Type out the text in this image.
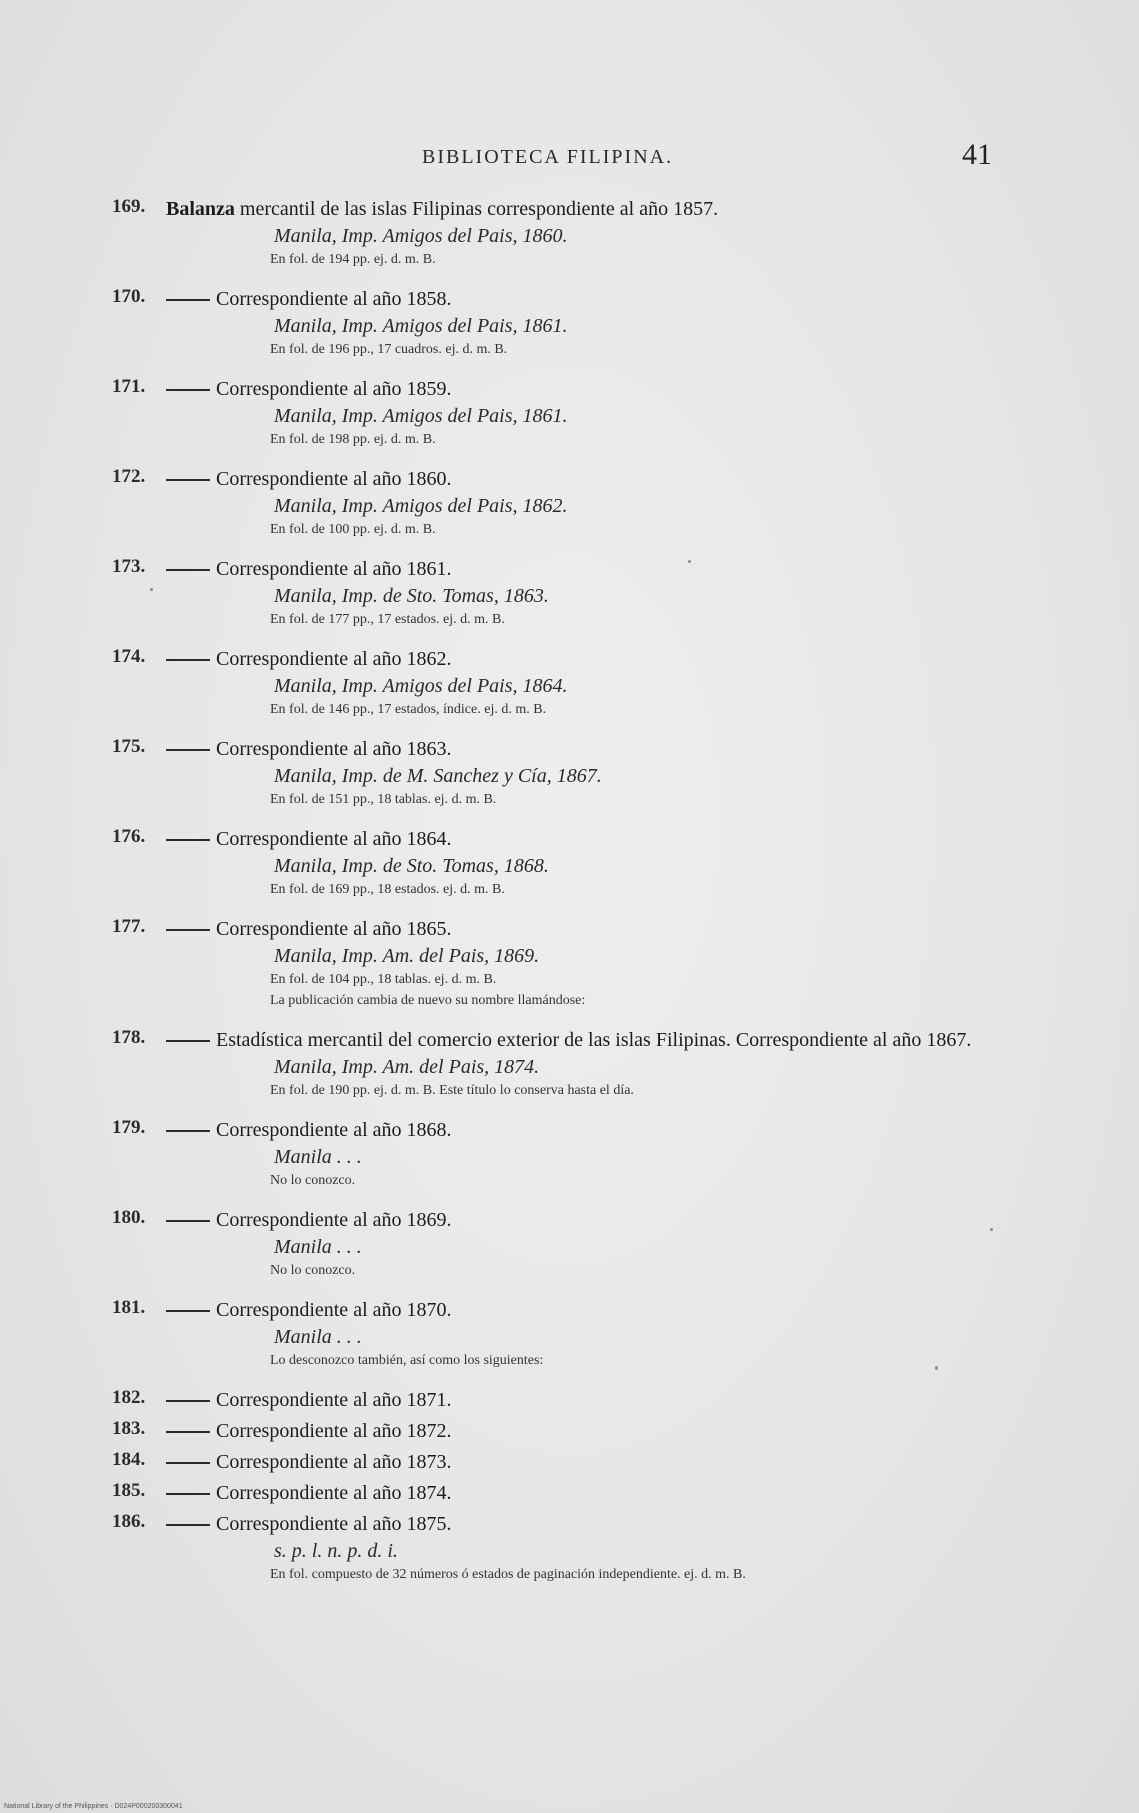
BIBLIOTECA FILIPINA.	41
169.	Balanza mercantil de las islas Filipinas correspondiente al año 1857.
Manila, Imp. Amigos del Pais, 1860.
En fol. de 194 pp. ej. d. m. B.
170.	Correspondiente al año 1858.
Manila, Imp. Amigos del Pais, 1861.
En fol. de 196 pp., 17 cuadros. ej. d. m. B.
171.	Correspondiente al año 1859.
Manila, Imp. Amigos del Pais, 1861.
En fol. de 198 pp. ej. d. m. B.
172.	Correspondiente al año 1860.
Manila, Imp. Amigos del Pais, 1862.
En fol. de 100 pp. ej. d. m. B.
173.	Correspondiente al año 1861.
Manila, Imp. de Sto. Tomas, 1863.
En fol. de 177 pp., 17 estados. ej. d. m. B.
174.	Correspondiente al año 1862.
Manila, Imp. Amigos del Pais, 1864.
En fol. de 146 pp., 17 estados, índice. ej. d. m. B.
175.	Correspondiente al año 1863.
Manila, Imp. de M. Sanchez y Cía, 1867.
En fol. de 151 pp., 18 tablas. ej. d. m. B.
176.	Correspondiente al año 1864.
Manila, Imp. de Sto. Tomas, 1868.
En fol. de 169 pp., 18 estados. ej. d. m. B.
177.	Correspondiente al año 1865.
Manila, Imp. Am. del Pais, 1869.
En fol. de 104 pp., 18 tablas. ej. d. m. B.
La publicación cambia de nuevo su nombre llamándose:
178.	Estadística mercantil del comercio exterior de las islas Filipinas. Correspondiente al año 1867.
Manila, Imp. Am. del Pais, 1874.
En fol. de 190 pp. ej. d. m. B. Este título lo conserva hasta el día.
179.	Correspondiente al año 1868.
Manila . . .
No lo conozco.
180.	Correspondiente al año 1869.
Manila . . .
No lo conozco.
181.	Correspondiente al año 1870.
Manila . . .
Lo desconozco también, así como los siguientes:
182.	Correspondiente al año 1871.
183.	Correspondiente al año 1872.
184.	Correspondiente al año 1873.
185.	Correspondiente al año 1874.
186.	Correspondiente al año 1875.
s. p. l. n. p. d. i.
En fol. compuesto de 32 números ó estados de paginación independiente. ej. d. m. B.
National Library of the Philippines · D024P000200300041
